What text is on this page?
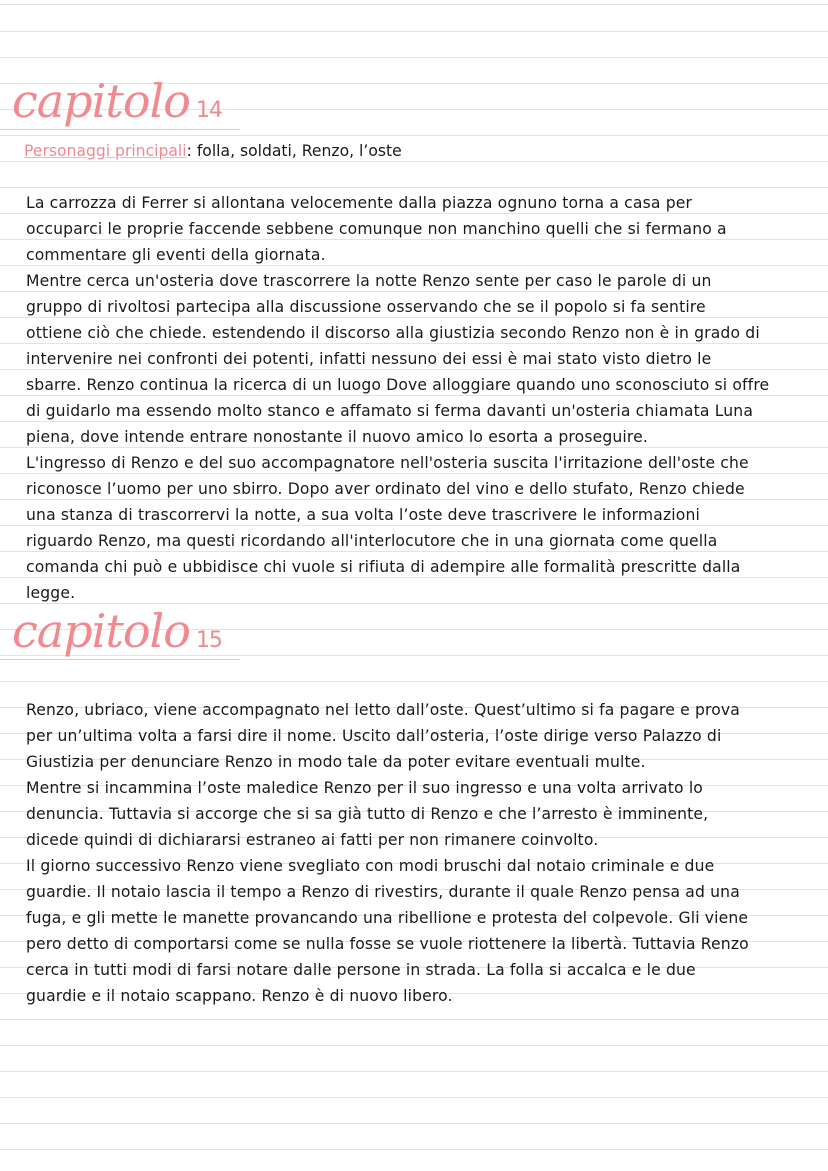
capitolo 14
Personaggi principali: folla, soldati, Renzo, l’oste

La carrozza di Ferrer si allontana velocemente dalla piazza ognuno torna a casa per

occuparci le proprie faccende sebbene comunque non manchino quelli che si fermano a

commentare gli eventi della giornata.

Mentre cerca un'osteria dove trascorrere la notte Renzo sente per caso le parole di un

gruppo di rivoltosi partecipa alla discussione osservando che se il popolo si fa sentire

ottiene ciò che chiede. estendendo il discorso alla giustizia secondo Renzo non è in grado di

intervenire nei confronti dei potenti, infatti nessuno dei essi è mai stato visto dietro le

sbarre. Renzo continua la ricerca di un luogo Dove alloggiare quando uno sconosciuto si offre

di guidarlo ma essendo molto stanco e affamato si ferma davanti un'osteria chiamata Luna

piena, dove intende entrare nonostante il nuovo amico lo esorta a proseguire.

L'ingresso di Renzo e del suo accompagnatore nell'osteria suscita l'irritazione dell'oste che

riconosce l’uomo per uno sbirro. Dopo aver ordinato del vino e dello stufato, Renzo chiede

una stanza di trascorrervi la notte, a sua volta l’oste deve trascrivere le informazioni

riguardo Renzo, ma questi ricordando all'interlocutore che in una giornata come quella

comanda chi può e ubbidisce chi vuole si rifiuta di adempire alle formalità prescritte dalla

legge.

capitolo 15

Renzo, ubriaco, viene accompagnato nel letto dall’oste. Quest’ultimo si fa pagare e prova

per un’ultima volta a farsi dire il nome. Uscito dall’osteria, l’oste dirige verso Palazzo di

Giustizia per denunciare Renzo in modo tale da poter evitare eventuali multe.

Mentre si incammina l’oste maledice Renzo per il suo ingresso e una volta arrivato lo

denuncia. Tuttavia si accorge che si sa già tutto di Renzo e che l’arresto è imminente,

dicede quindi di dichiararsi estraneo ai fatti per non rimanere coinvolto.

Il giorno successivo Renzo viene svegliato con modi bruschi dal notaio criminale e due

guardie. Il notaio lascia il tempo a Renzo di rivestirs, durante il quale Renzo pensa ad una

fuga, e gli mette le manette provancando una ribellione e protesta del colpevole. Gli viene

pero detto di comportarsi come se nulla fosse se vuole riottenere la libertà. Tuttavia Renzo

cerca in tutti modi di farsi notare dalle persone in strada. La folla si accalca e le due

guardie e il notaio scappano. Renzo è di nuovo libero.
